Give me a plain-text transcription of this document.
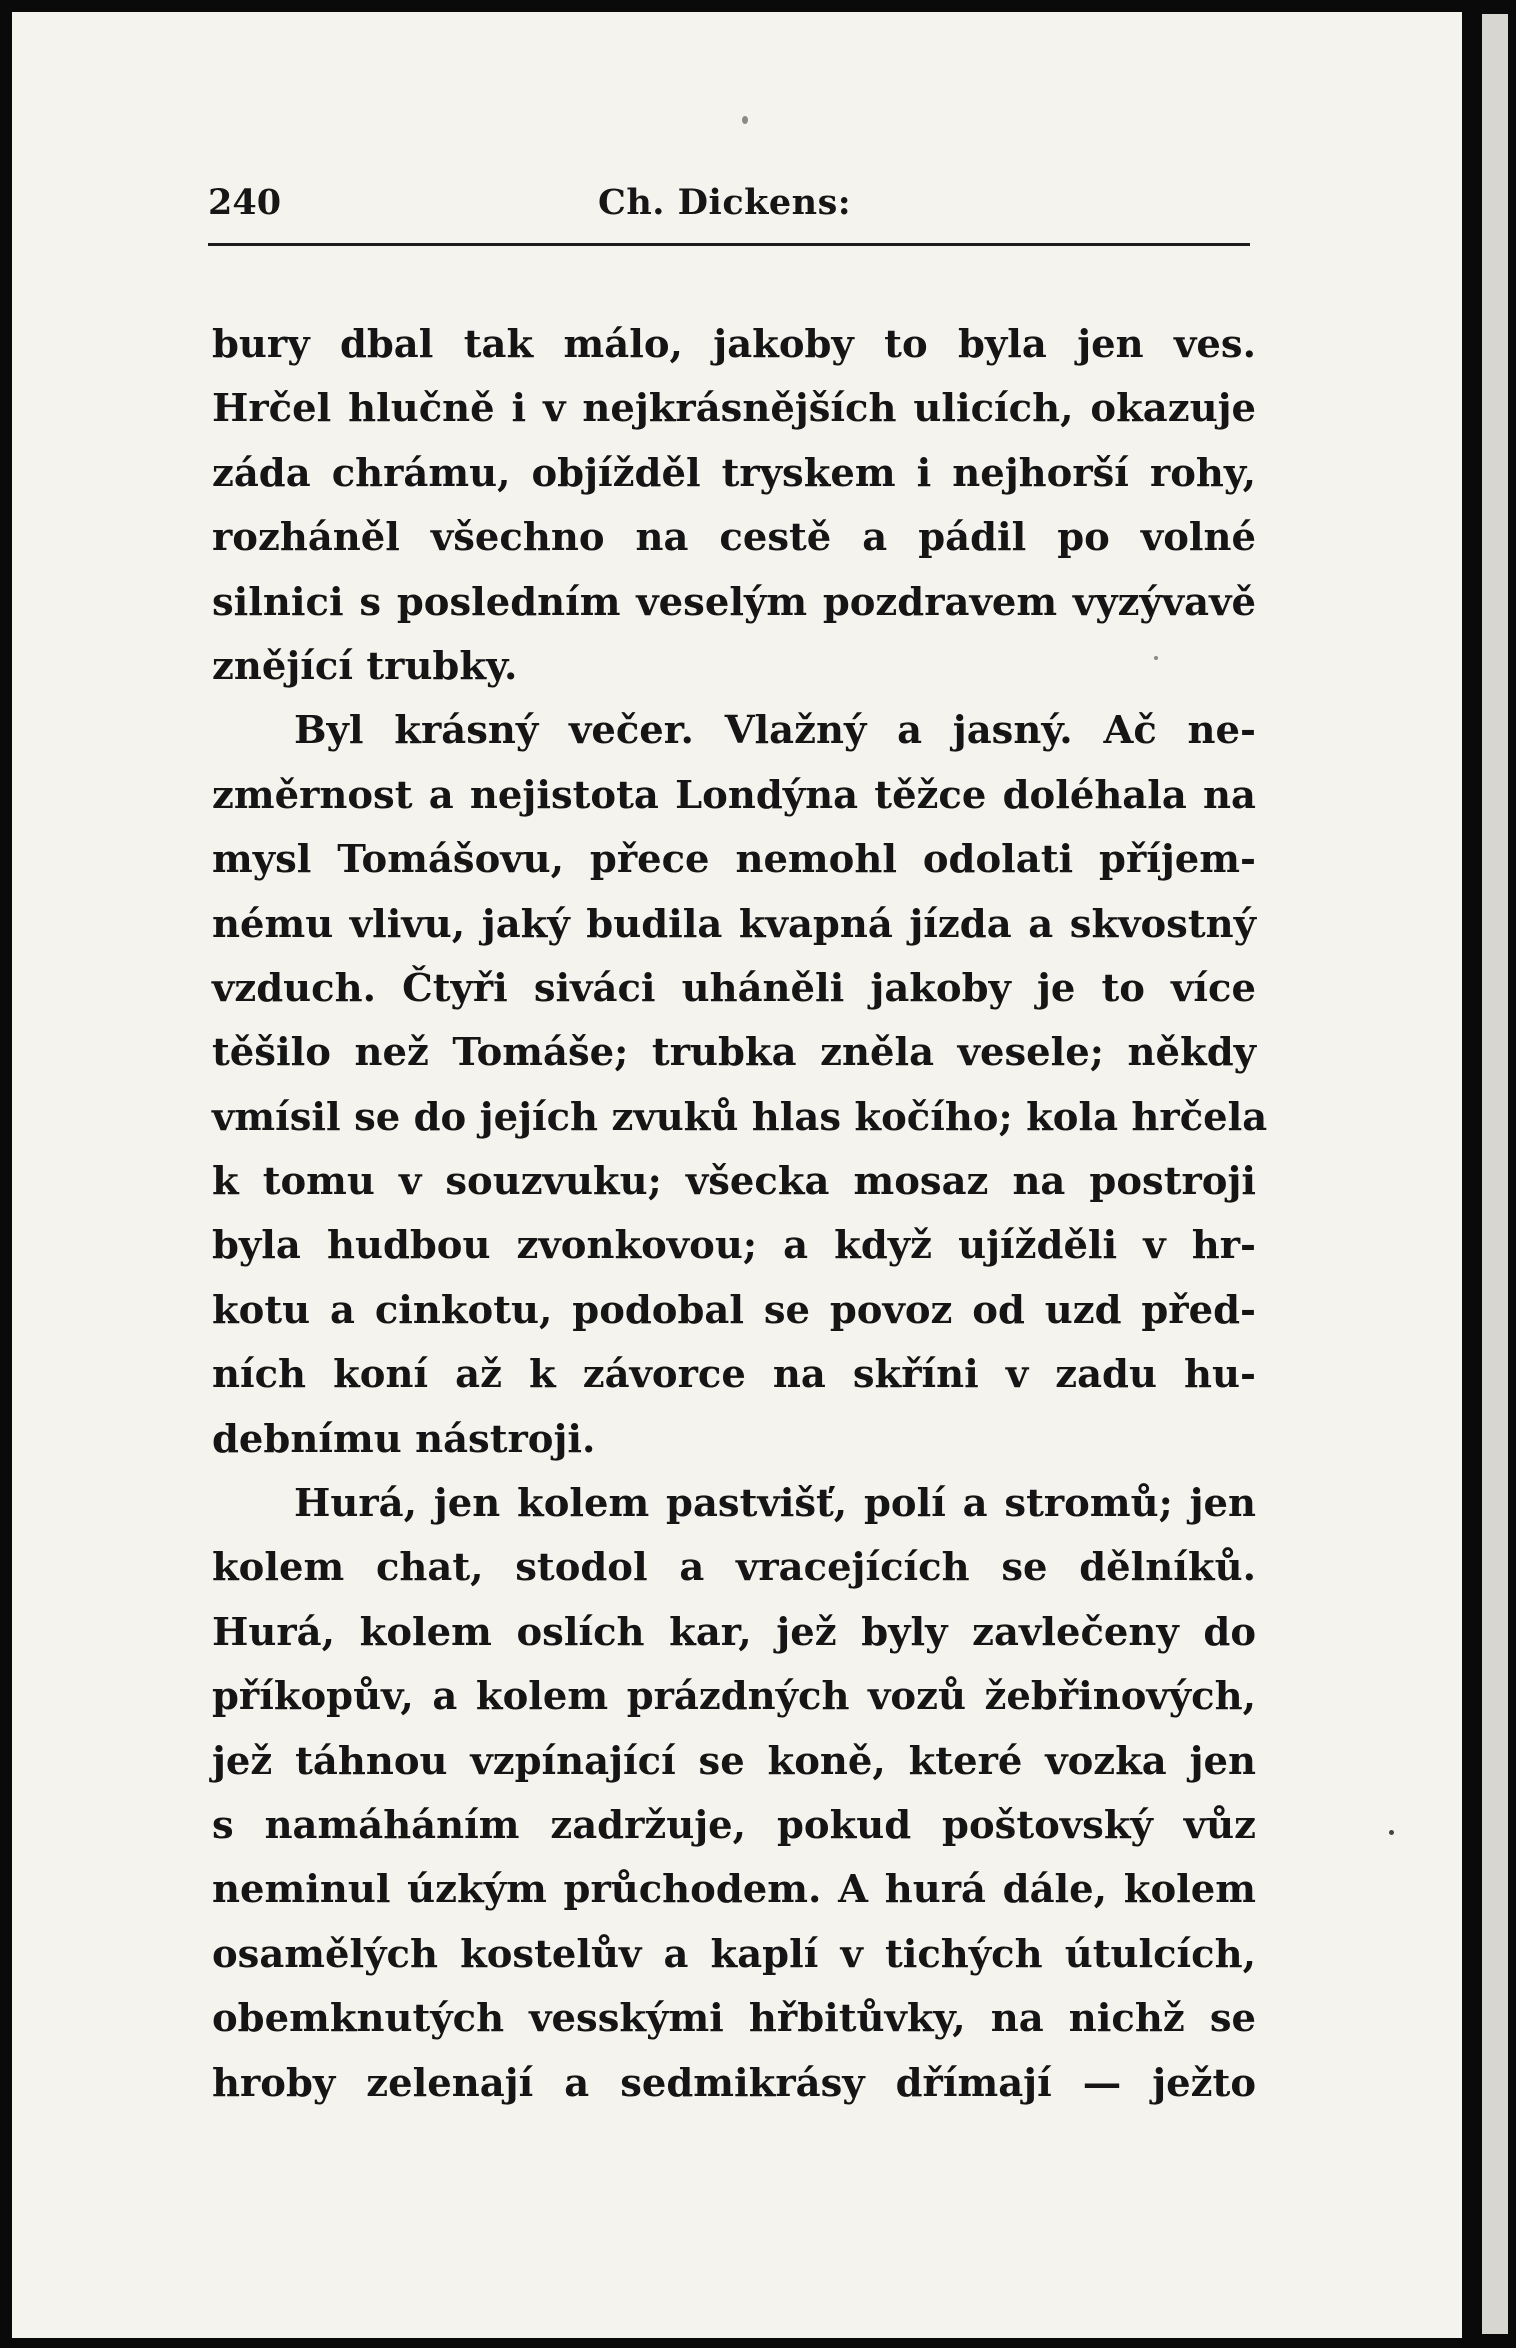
240	Ch. Dickens:
bury dbal tak málo, jakoby to byla jen ves.
Hrčel hlučně i v nejkrásnějších ulicích, okazuje
záda chrámu, objížděl tryskem i nejhorší rohy,
rozháněl všechno na cestě a pádil po volné
silnici s posledním veselým pozdravem vyzývavě
znějící trubky.
Byl krásný večer. Vlažný a jasný. Ač ne-
změrnost a nejistota Londýna těžce doléhala na
mysl Tomášovu, přece nemohl odolati příjem-
nému vlivu, jaký budila kvapná jízda a skvostný
vzduch. Čtyři siváci uháněli jakoby je to více
těšilo než Tomáše; trubka zněla vesele; někdy
vmísil se do jejích zvuků hlas kočího; kola hrčela
k tomu v souzvuku; všecka mosaz na postroji
byla hudbou zvonkovou; a když ujížděli v hr-
kotu a cinkotu, podobal se povoz od uzd před-
ních koní až k závorce na skříni v zadu hu-
debnímu nástroji.
Hurá, jen kolem pastvišť, polí a stromů; jen
kolem chat, stodol a vracejících se dělníků.
Hurá, kolem oslích kar, jež byly zavlečeny do
příkopův, a kolem prázdných vozů žebřinových,
jež táhnou vzpínající se koně, které vozka jen
s namáháním zadržuje, pokud poštovský vůz
neminul úzkým průchodem. A hurá dále, kolem
osamělých kostelův a kaplí v tichých útulcích,
obemknutých vesskými hřbitůvky, na nichž se
hroby zelenají a sedmikrásy dřímají — ježto
